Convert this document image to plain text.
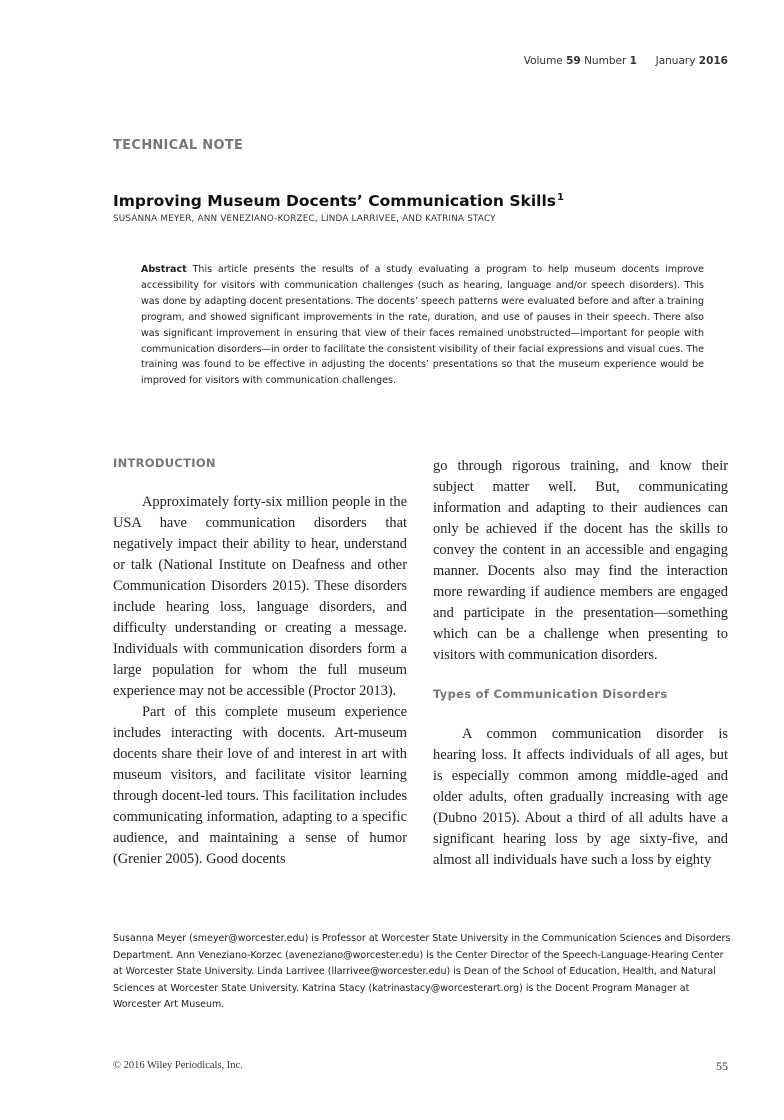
Volume 59 Number 1 January 2016
TECHNICAL NOTE
Improving Museum Docents’ Communication Skills$^1$
SUSANNA MEYER, ANN VENEZIANO-KORZEC, LINDA LARRIVEE, AND KATRINA STACY
Abstract This article presents the results of a study evaluating a program to help museum docents improve accessibility for visitors with communication challenges (such as hearing, language and/or speech disorders). This was done by adapting docent presentations. The docents’ speech patterns were evaluated before and after a training program, and showed significant improvements in the rate, duration, and use of pauses in their speech. There also was significant improvement in ensuring that view of their faces remained unobstructed—important for people with communication disorders—in order to facilitate the consistent visibility of their facial expressions and visual cues. The training was found to be effective in adjusting the docents’ presentations so that the museum experience would be improved for visitors with communication challenges.
INTRODUCTION

Approximately forty-six million people in the USA have communication disorders that negatively impact their ability to hear, understand or talk (National Institute on Deafness and other Communication Disorders 2015). These disorders include hearing loss, language disorders, and difficulty understanding or creating a message. Individuals with communication disorders form a large population for whom the full museum experience may not be accessible (Proctor 2013).

Part of this complete museum experience includes interacting with docents. Art-museum docents share their love of and interest in art with museum visitors, and facilitate visitor learning through docent-led tours. This facilitation includes communicating information, adapting to a specific audience, and maintaining a sense of humor (Grenier 2005). Good docents

go through rigorous training, and know their subject matter well. But, communicating information and adapting to their audiences can only be achieved if the docent has the skills to convey the content in an accessible and engaging manner. Docents also may find the interaction more rewarding if audience members are engaged and participate in the presentation—something which can be a challenge when presenting to visitors with communication disorders.

Types of Communication Disorders

A common communication disorder is hearing loss. It affects individuals of all ages, but is especially common among middle-aged and older adults, often gradually increasing with age (Dubno 2015). About a third of all adults have a significant hearing loss by age sixty-five, and almost all individuals have such a loss by eighty

Susanna Meyer (smeyer@worcester.edu) is Professor at Worcester State University in the Communication Sciences and Disorders Department. Ann Veneziano-Korzec (aveneziano@worcester.edu) is the Center Director of the Speech-Language-Hearing Center at Worcester State University. Linda Larrivee (llarrivee@worcester.edu) is Dean of the School of Education, Health, and Natural Sciences at Worcester State University. Katrina Stacy (katrinastacy@worcesterart.org) is the Docent Program Manager at Worcester Art Museum.
© 2016 Wiley Periodicals, Inc.	55
